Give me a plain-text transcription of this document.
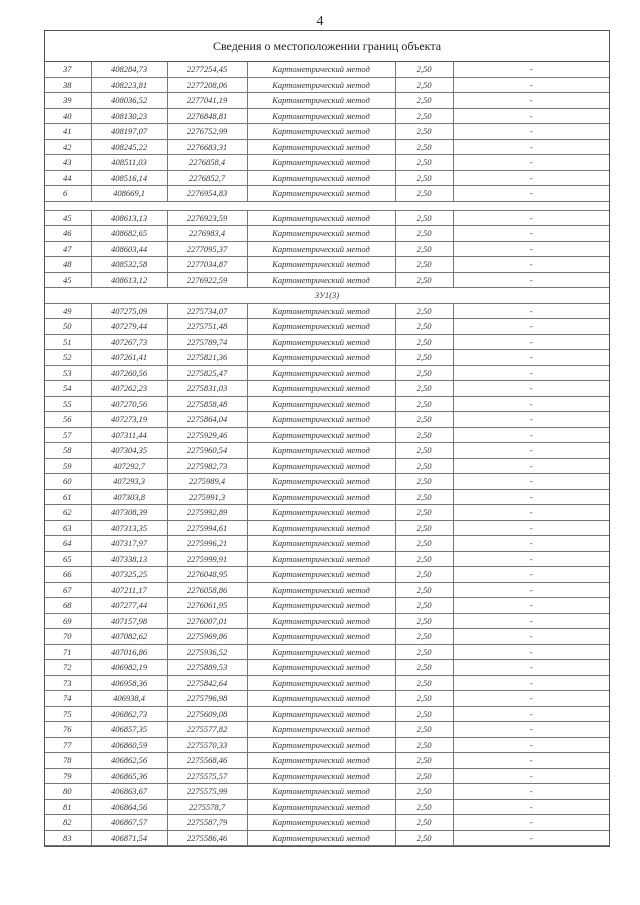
4
Сведения о местоположении границ объекта
37	408284,73	2277254,45	Картометрический метод	2,50	-
38	408223,81	2277208,06	Картометрический метод	2,50	-
39	408036,52	2277041,19	Картометрический метод	2,50	-
40	408130,23	2276848,81	Картометрический метод	2,50	-
41	408197,07	2276752,99	Картометрический метод	2,50	-
42	408245,22	2276683,31	Картометрический метод	2,50	-
43	408511,03	2276858,4	Картометрический метод	2,50	-
44	408516,14	2276852,7	Картометрический метод	2,50	-
6	408669,1	2276954,83	Картометрический метод	2,50	-

45	408613,13	2276923,59	Картометрический метод	2,50	-
46	408682,65	2276983,4	Картометрический метод	2,50	-
47	408603,44	2277095,37	Картометрический метод	2,50	-
48	408532,58	2277034,87	Картометрический метод	2,50	-
45	408613,12	2276922,59	Картометрический метод	2,50	-
3У1(3)					
49	407275,09	2275734,07	Картометрический метод	2,50	-
50	407279,44	2275751,48	Картометрический метод	2,50	-
51	407267,73	2275789,74	Картометрический метод	2,50	-
52	407261,41	2275821,36	Картометрический метод	2,50	-
53	407260,56	2275825,47	Картометрический метод	2,50	-
54	407262,23	2275831,03	Картометрический метод	2,50	-
55	407270,56	2275858,48	Картометрический метод	2,50	-
56	407273,19	2275864,04	Картометрический метод	2,50	-
57	407311,44	2275929,46	Картометрический метод	2,50	-
58	407304,35	2275960,54	Картометрический метод	2,50	-
59	407292,7	2275982,73	Картометрический метод	2,50	-
60	407293,3	2275989,4	Картометрический метод	2,50	-
61	407303,8	2275991,3	Картометрический метод	2,50	-
62	407308,39	2275992,89	Картометрический метод	2,50	-
63	407313,35	2275994,61	Картометрический метод	2,50	-
64	407317,97	2275996,21	Картометрический метод	2,50	-
65	407338,13	2275999,91	Картометрический метод	2,50	-
66	407325,25	2276048,95	Картометрический метод	2,50	-
67	407211,17	2276058,86	Картометрический метод	2,50	-
68	407277,44	2276061,95	Картометрический метод	2,50	-
69	407157,98	2276007,01	Картометрический метод	2,50	-
70	407082,62	2275969,86	Картометрический метод	2,50	-
71	407016,86	2275936,52	Картометрический метод	2,50	-
72	406982,19	2275889,53	Картометрический метод	2,50	-
73	406958,36	2275842,64	Картометрический метод	2,50	-
74	406938,4	2275796,98	Картометрический метод	2,50	-
75	406862,73	2275609,08	Картометрический метод	2,50	-
76	406857,35	2275577,82	Картометрический метод	2,50	-
77	406860,59	2275570,33	Картометрический метод	2,50	-
78	406862,56	2275568,46	Картометрический метод	2,50	-
79	406865,36	2275575,57	Картометрический метод	2,50	-
80	406863,67	2275575,99	Картометрический метод	2,50	-
81	406864,56	2275578,7	Картометрический метод	2,50	-
82	406867,57	2275587,79	Картометрический метод	2,50	-
83	406871,54	2275586,46	Картометрический метод	2,50	-
